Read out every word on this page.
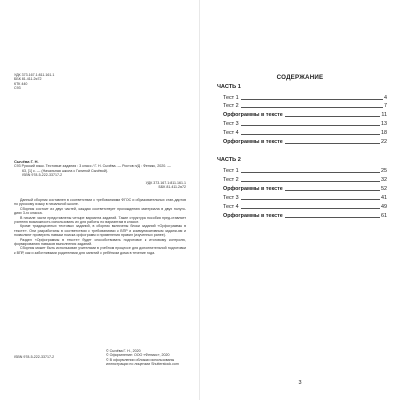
УДК 373.167.1:811.161.1
ББК 81.411.2я72
КТК 440
С93
Сычёва Г. Н.
С93 Русский язык. Тестовые задания : 3 класс / Г. Н. Сычёва. — Ростов н/Д : Феникс, 2020. —
63, [1] с. — (Начальная школа с Галиной Сычёвой).
ISBN 978-5-222-33717-2
УДК 373.167.1:811.161.1
ББК 81.411.2я72

Данный сборник составлен в соответствии с требованиями ФГОС и образовательных стан-дартов по русскому языку в начальной школе.

Сборник состоит из двух частей, каждая соответствует прохождению материала в двух полуго-диях 3-го класса.

В начале части представлены четыре варианта заданий. Такие структура пособия пред-ставляет учителю возможность использовать их для работы по вариантам в классе.

Кроме традиционных тестовых заданий, в сборник включены блоки заданий «Орфограммы в тексте». Они разработаны в соответствии с требованиями к ВПР и коммуникативным задани-ям и позволяют проверить навыки поиска орфограмм и применения правил (изученных ранее).

Раздел «Орфограммы в тексте» будет способствовать подготовке к итоговому контролю, формированию навыков выполнения заданий.

Сборник может быть использован учителями в учебном процессе для дополнительной подготовки к ВПР, как и заботливыми родителями для занятий с ребёнком дома в течение года.

ISBN 978-5-222-33717-2
© Сычёва Г. Н., 2020
© Оформление: ООО «Феникс», 2020
© В оформлении обложки использованы
иллюстрации по лицензии Shutterstock.com
СОДЕРЖАНИЕ
ЧАСТЬ 1
Тест 1	4
Тест 2	7
Орфограммы в тексте	11
Тест 3	13
Тест 4	18
Орфограммы в тексте	22
ЧАСТЬ 2
Тест 1	25
Тест 2	32
Орфограммы в тексте	52
Тест 3	41
Тест 4	49
Орфограммы в тексте	61
3
